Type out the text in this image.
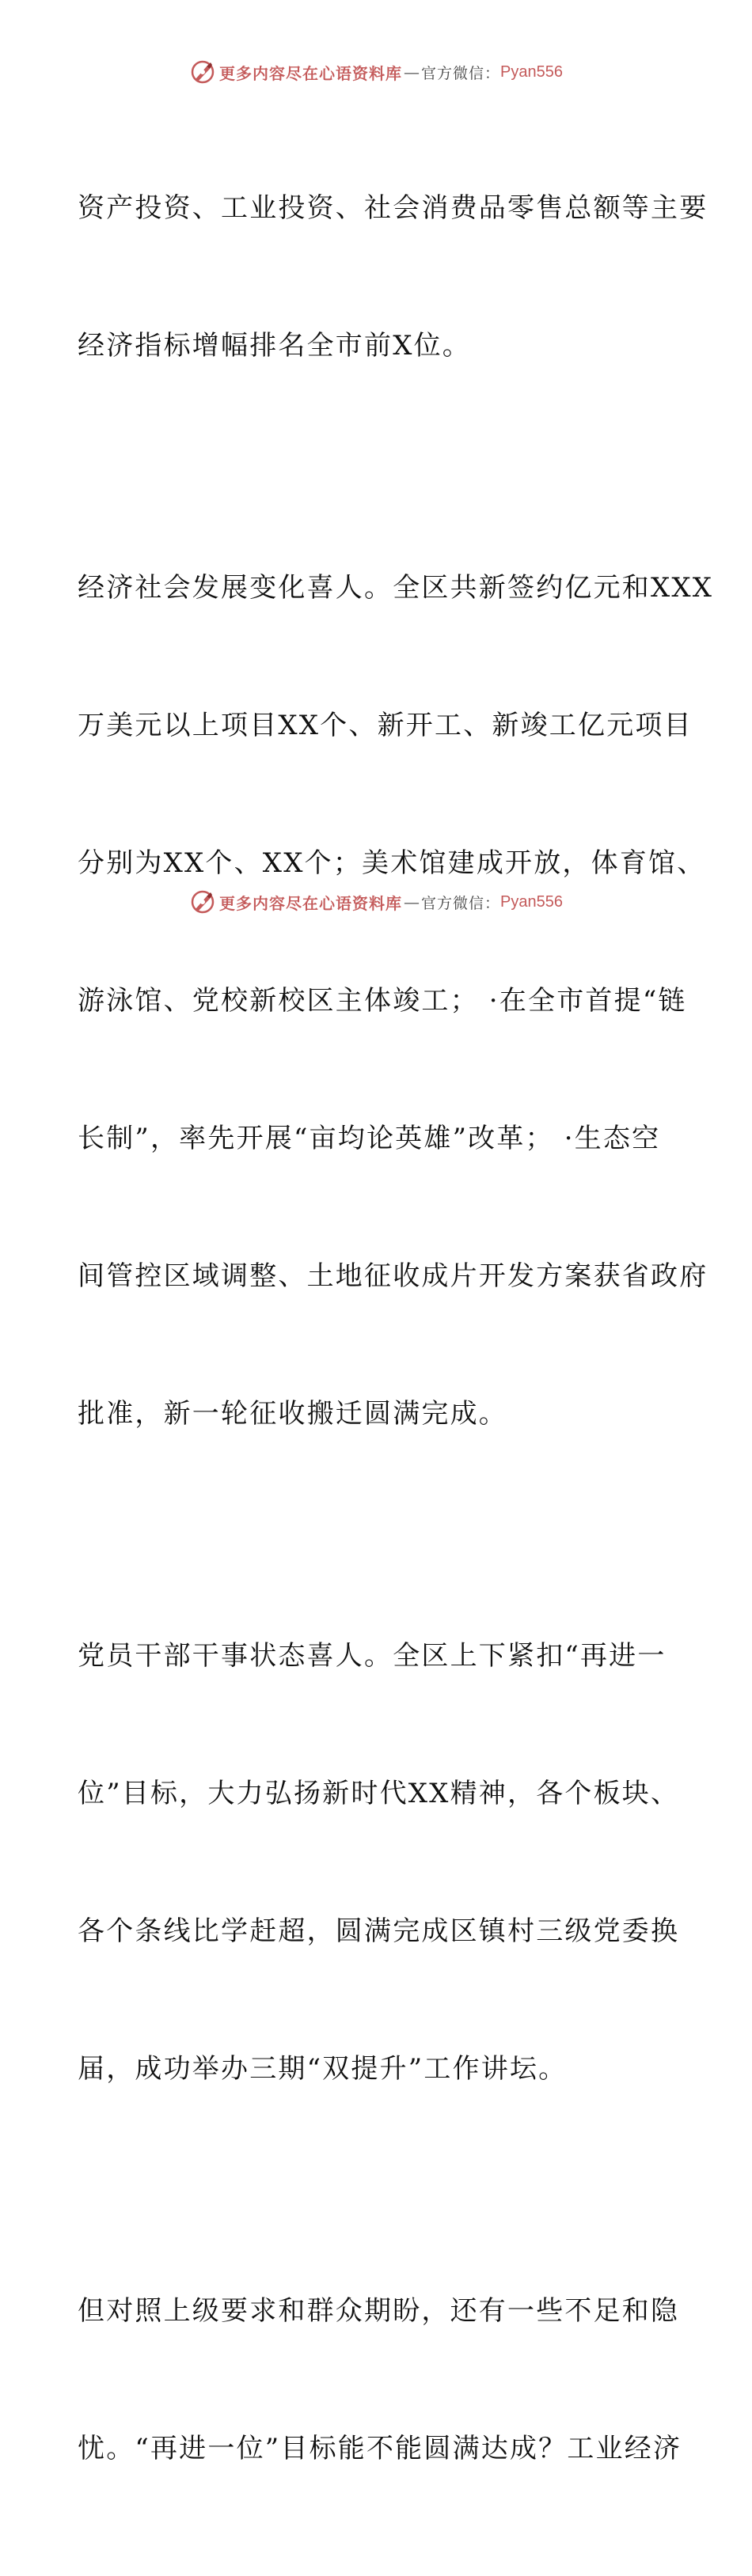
更多内容尽在心语资料库 — 官方微信： Pyan556

资产投资、工业投资、社会消费品零售总额等主要

经济指标增幅排名全市前X位。

经济社会发展变化喜人。全区共新签约亿元和XXX

万美元以上项目XX个、新开工、新竣工亿元项目

分别为XX个、XX个；美术馆建成开放，体育馆、

游泳馆、党校新校区主体竣工； ·在全市首提“链

长制”，率先开展“亩均论英雄”改革； ·生态空

间管控区域调整、土地征收成片开发方案获省政府

批准，新一轮征收搬迁圆满完成。

党员干部干事状态喜人。全区上下紧扣“再进一

位”目标，大力弘扬新时代XX精神，各个板块、

各个条线比学赶超，圆满完成区镇村三级党委换

届，成功举办三期“双提升”工作讲坛。

但对照上级要求和群众期盼，还有一些不足和隐

忧。“再进一位”目标能不能圆满达成？工业经济

更多内容尽在心语资料库 — 官方微信： Pyan556
